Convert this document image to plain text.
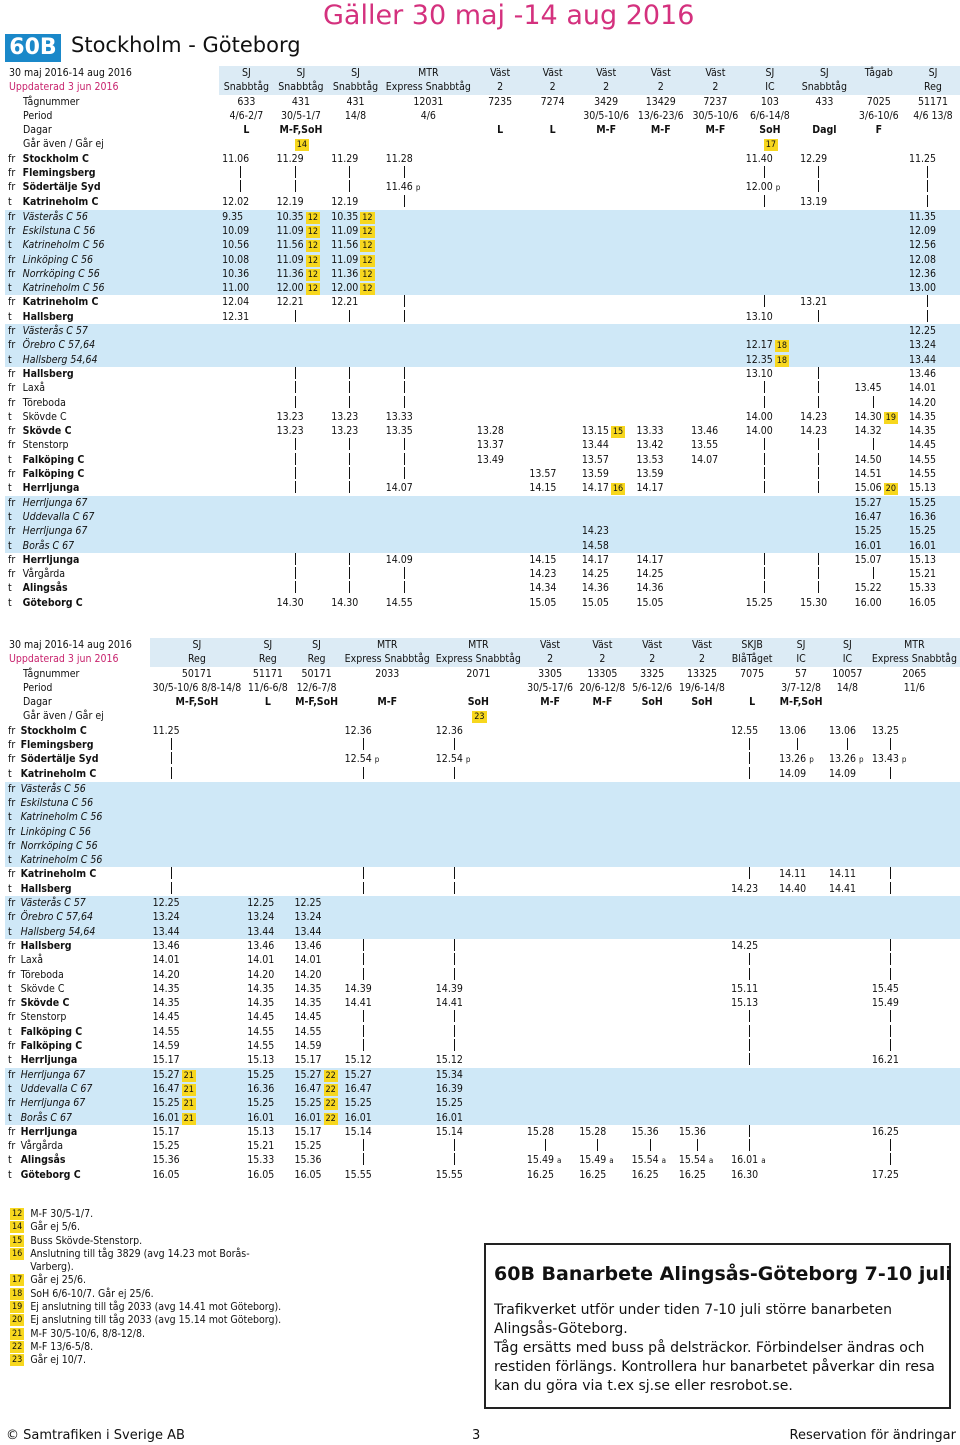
60B Stockholm - Göteborg
Gäller 30 maj -14 aug 2016
30 maj 2016-14 aug 2016		SJ	SJ	SJ	MTR	Väst	Väst	Väst	Väst	Väst	SJ	SJ	Tågab	SJ
Uppdaterad 3 jun 2016		Snabbtåg	Snabbtåg	Snabbtåg	Express Snabbtåg	2	2	2	2	2	IC	Snabbtåg		Reg
Tågnummer		633	431	431	12031	7235	7274	3429	13429	7237	103	433	7025	51171
Period		4/6-2/7	30/5-1/7	14/8	4/6			30/5-10/6	13/6-23/6	30/5-10/6	6/6-14/8		3/6-10/6	4/6 13/8
Dagar		L	M-F,SoH			L	L	M-F	M-F	M-F	SoH	Dagl	F	
Går även / Går ej			14								17			
fr	Stockholm C	11.06	11.29	11.29	11.28						11.40	12.29		11.25
fr	Flemingsberg													
fr	Södertälje Syd				11.46 p						12.00 p			
t	Katrineholm C	12.02	12.19	12.19								13.19		
fr	Västerås C 56	9.35	10.35 12	10.35 12										11.35
fr	Eskilstuna C 56	10.09	11.09 12	11.09 12										12.09
t	Katrineholm C 56	10.56	11.56 12	11.56 12										12.56
fr	Linköping C 56	10.08	11.09 12	11.09 12										12.08
fr	Norrköping C 56	10.36	11.36 12	11.36 12										12.36
t	Katrineholm C 56	11.00	12.00 12	12.00 12										13.00
fr	Katrineholm C	12.04	12.21	12.21								13.21		
t	Hallsberg	12.31									13.10			
fr	Västerås C 57													12.25
fr	Örebro C 57,64										12.17 18			13.24
t	Hallsberg 54,64										12.35 18			13.44
fr	Hallsberg										13.10			13.46
fr	Laxå												13.45	14.01
fr	Töreboda													14.20
t	Skövde C		13.23	13.23	13.33						14.00	14.23	14.30 19	14.35
fr	Skövde C		13.23	13.23	13.35	13.28		13.15 15	13.33	13.46	14.00	14.23	14.32	14.35
fr	Stenstorp					13.37		13.44	13.42	13.55				14.45
t	Falköping C					13.49		13.57	13.53	14.07			14.50	14.55
fr	Falköping C						13.57	13.59	13.59				14.51	14.55
t	Herrljunga				14.07		14.15	14.17 16	14.17				15.06 20	15.13
fr	Herrljunga 67												15.27	15.25
t	Uddevalla C 67												16.47	16.36
fr	Herrljunga 67							14.23					15.25	15.25
t	Borås C 67							14.58					16.01	16.01
fr	Herrljunga				14.09		14.15	14.17	14.17				15.07	15.13
fr	Vårgårda						14.23	14.25	14.25					15.21
t	Alingsås						14.34	14.36	14.36				15.22	15.33
t	Göteborg C		14.30	14.30	14.55		15.05	15.05	15.05		15.25	15.30	16.00	16.05
30 maj 2016-14 aug 2016		SJ	SJ	SJ	MTR	MTR	Väst	Väst	Väst	Väst	SKJB	SJ	SJ	MTR
Uppdaterad 3 jun 2016		Reg	Reg	Reg	Express Snabbtåg	Express Snabbtåg	2	2	2	2	BlåTåget	IC	IC	Express Snabbtåg
Tågnummer		50171	51171	50171	2033	2071	3305	13305	3325	13325	7075	57	10057	2065
Period		30/5-10/6 8/8-14/8	11/6-6/8	12/6-7/8			30/5-17/6	20/6-12/8	5/6-12/6	19/6-14/8		3/7-12/8	14/8	11/6
Dagar		M-F,SoH	L	M-F,SoH	M-F	SoH	M-F	M-F	SoH	SoH	L	M-F,SoH		
Går även / Går ej						23								
fr	Stockholm C	11.25			12.36	12.36					12.55	13.06	13.06	13.25
fr	Flemingsberg													
fr	Södertälje Syd				12.54 p	12.54 p						13.26 p	13.26 p	13.43 p
t	Katrineholm C											14.09	14.09	
fr	Västerås C 56													
fr	Eskilstuna C 56													
t	Katrineholm C 56													
fr	Linköping C 56													
fr	Norrköping C 56													
t	Katrineholm C 56													
fr	Katrineholm C											14.11	14.11	
t	Hallsberg										14.23	14.40	14.41	
fr	Västerås C 57	12.25	12.25	12.25										
fr	Örebro C 57,64	13.24	13.24	13.24										
t	Hallsberg 54,64	13.44	13.44	13.44										
fr	Hallsberg	13.46	13.46	13.46							14.25			
fr	Laxå	14.01	14.01	14.01										
fr	Töreboda	14.20	14.20	14.20										
t	Skövde C	14.35	14.35	14.35	14.39	14.39					15.11			15.45
fr	Skövde C	14.35	14.35	14.35	14.41	14.41					15.13			15.49
fr	Stenstorp	14.45	14.45	14.45										
t	Falköping C	14.55	14.55	14.55										
fr	Falköping C	14.59	14.55	14.59										
t	Herrljunga	15.17	15.13	15.17	15.12	15.12								16.21
fr	Herrljunga 67	15.27 21	15.25	15.27 22	15.27	15.34								
t	Uddevalla C 67	16.47 21	16.36	16.47 22	16.47	16.39								
fr	Herrljunga 67	15.25 21	15.25	15.25 22	15.25	15.25								
t	Borås C 67	16.01 21	16.01	16.01 22	16.01	16.01								
fr	Herrljunga	15.17	15.13	15.17	15.14	15.14	15.28	15.28	15.36	15.36				16.25
fr	Vårgårda	15.25	15.21	15.25										
t	Alingsås	15.36	15.33	15.36			15.49 a	15.49 a	15.54 a	15.54 a	16.01 a			
t	Göteborg C	16.05	16.05	16.05	15.55	15.55	16.25	16.25	16.25	16.25	16.30			17.25
12 M-F 30/5-1/7.
14 Går ej 5/6.
15 Buss Skövde-Stenstorp.
16 Anslutning till tåg 3829 (avg 14.23 mot Borås-Varberg).
17 Går ej 25/6.
18 SoH 6/6-10/7. Går ej 25/6.
19 Ej anslutning till tåg 2033 (avg 14.41 mot Göteborg).
20 Ej anslutning till tåg 2033 (avg 15.14 mot Göteborg).
21 M-F 30/5-10/6, 8/8-12/8.
22 M-F 13/6-5/8.
23 Går ej 10/7.
60B Banarbete Alingsås-Göteborg 7-10 juli

Trafikverket utför under tiden 7-10 juli större banarbeten Alingsås-Göteborg.

Tåg ersätts med buss på delsträckor. Förbindelser ändras och restiden förlängs. Kontrollera hur banarbetet påverkar din resa kan du göra via t.ex sj.se eller resrobot.se.

© Samtrafiken i Sverige AB	3	Reservation för ändringar
